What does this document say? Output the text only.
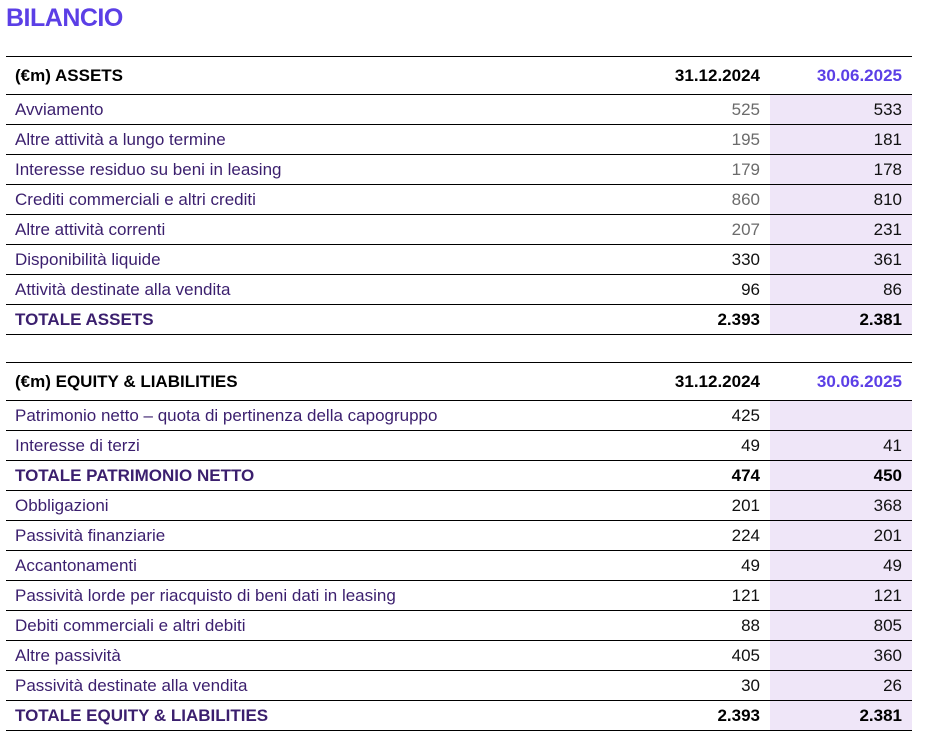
BILANCIO
(€m) ASSETS	31.12.2024	30.06.2025
Avviamento	525	533
Altre attività a lungo termine	195	181
Interesse residuo su beni in leasing	179	178
Crediti commerciali e altri crediti	860	810
Altre attività correnti	207	231
Disponibilità liquide	330	361
Attività destinate alla vendita	96	86
TOTALE ASSETS	2.393	2.381
(€m) EQUITY & LIABILITIES	31.12.2024	30.06.2025
Patrimonio netto – quota di pertinenza della capogruppo	425	
Interesse di terzi	49	41
TOTALE PATRIMONIO NETTO	474	450
Obbligazioni	201	368
Passività finanziarie	224	201
Accantonamenti	49	49
Passività lorde per riacquisto di beni dati in leasing	121	121
Debiti commerciali e altri debiti	88	805
Altre passività	405	360
Passività destinate alla vendita	30	26
TOTALE EQUITY & LIABILITIES	2.393	2.381
